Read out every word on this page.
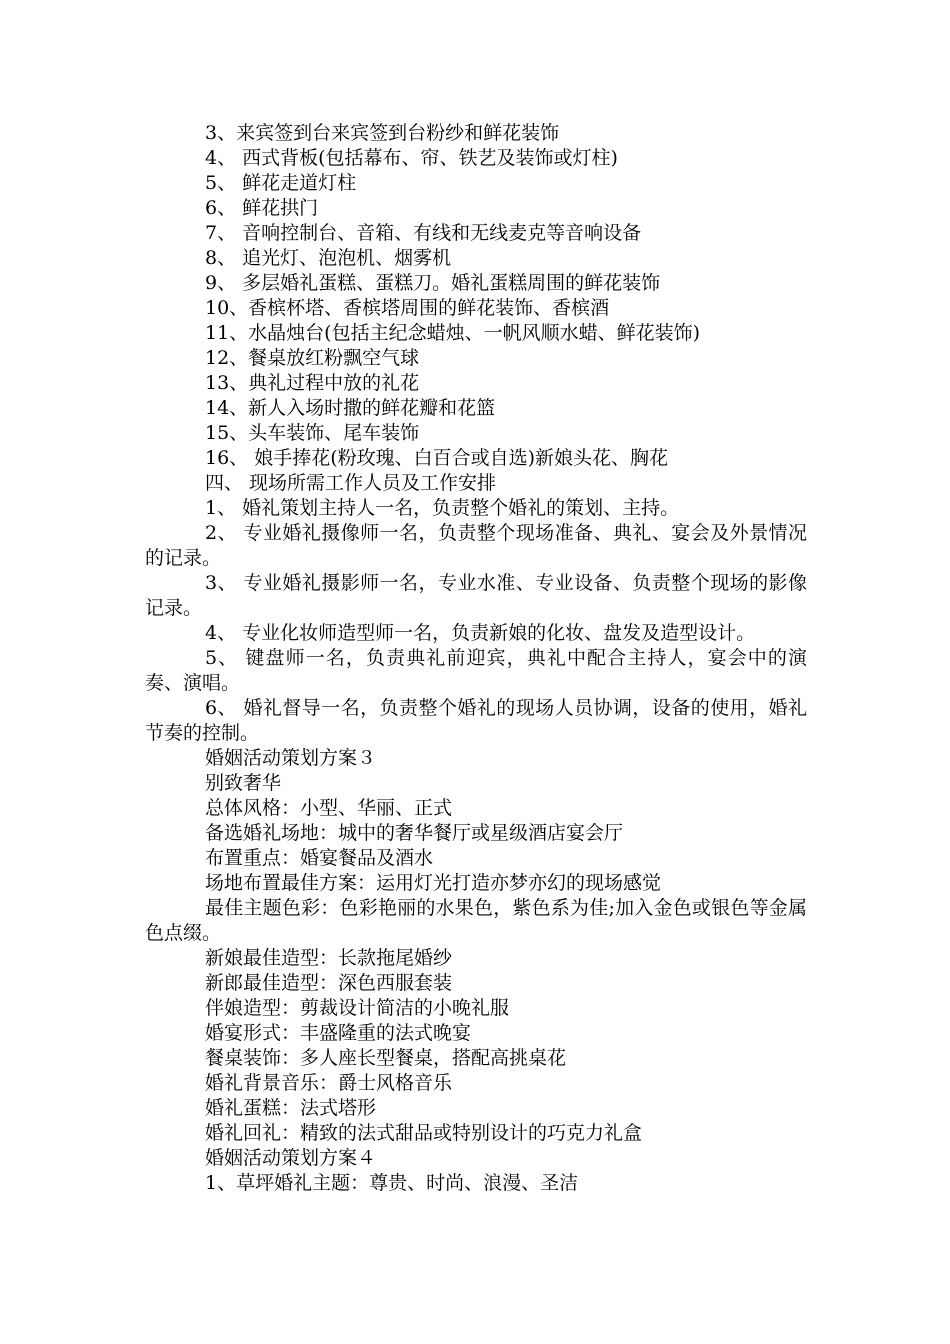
3、来宾签到台来宾签到台粉纱和鲜花装饰

4、 西式背板(包括幕布、帘、铁艺及装饰或灯柱)

5、 鲜花走道灯柱

6、 鲜花拱门

7、 音响控制台、音箱、有线和无线麦克等音响设备

8、 追光灯、泡泡机、烟雾机

9、 多层婚礼蛋糕、蛋糕刀。婚礼蛋糕周围的鲜花装饰

10、香槟杯塔、香槟塔周围的鲜花装饰、香槟酒

11、水晶烛台(包括主纪念蜡烛、一帆风顺水蜡、鲜花装饰)

12、餐桌放红粉飘空气球

13、典礼过程中放的礼花

14、新人入场时撒的鲜花瓣和花篮

15、头车装饰、尾车装饰

16、 娘手捧花(粉玫瑰、白百合或自选)新娘头花、胸花

四、 现场所需工作人员及工作安排

1、 婚礼策划主持人一名，负责整个婚礼的策划、主持。

2、 专业婚礼摄像师一名，负责整个现场准备、典礼、宴会及外景情况的记录。

3、 专业婚礼摄影师一名，专业水准、专业设备、负责整个现场的影像记录。

4、 专业化妆师造型师一名，负责新娘的化妆、盘发及造型设计。

5、 键盘师一名，负责典礼前迎宾，典礼中配合主持人，宴会中的演奏、演唱。

6、 婚礼督导一名，负责整个婚礼的现场人员协调，设备的使用，婚礼节奏的控制。

婚姻活动策划方案３

别致奢华

总体风格：小型、华丽、正式

备选婚礼场地：城中的奢华餐厅或星级酒店宴会厅

布置重点：婚宴餐品及酒水

场地布置最佳方案：运用灯光打造亦梦亦幻的现场感觉

最佳主题色彩：色彩艳丽的水果色，紫色系为佳;加入金色或银色等金属色点缀。

新娘最佳造型：长款拖尾婚纱

新郎最佳造型：深色西服套装

伴娘造型：剪裁设计简洁的小晚礼服

婚宴形式：丰盛隆重的法式晚宴

餐桌装饰：多人座长型餐桌，搭配高挑桌花

婚礼背景音乐：爵士风格音乐

婚礼蛋糕：法式塔形

婚礼回礼：精致的法式甜品或特别设计的巧克力礼盒

婚姻活动策划方案４

1、草坪婚礼主题：尊贵、时尚、浪漫、圣洁
